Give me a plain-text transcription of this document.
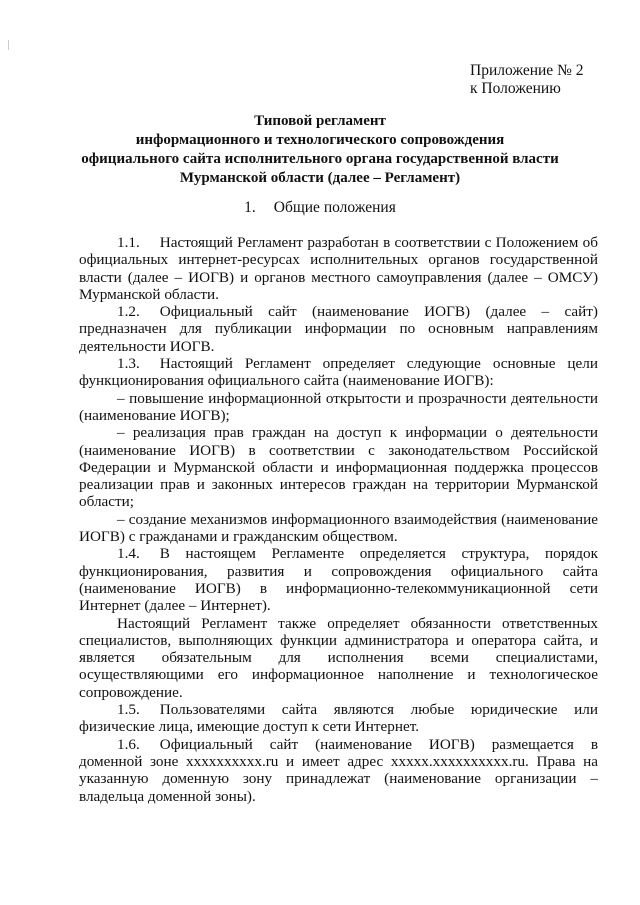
Приложение № 2
к Положению
Типовой регламент
информационного и технологического сопровождения
официального сайта исполнительного органа государственной власти
Мурманской области (далее – Регламент)
1. Общие положения

1.1. Настоящий Регламент разработан в соответствии с Положением об официальных интернет-ресурсах исполнительных органов государственной власти (далее – ИОГВ) и органов местного самоуправления (далее – ОМСУ) Мурманской области.

1.2. Официальный сайт (наименование ИОГВ) (далее – сайт) предназначен для публикации информации по основным направлениям деятельности ИОГВ.

1.3. Настоящий Регламент определяет следующие основные цели функционирования официального сайта (наименование ИОГВ):

– повышение информационной открытости и прозрачности деятельности (наименование ИОГВ);

– реализация прав граждан на доступ к информации о деятельности (наименование ИОГВ) в соответствии с законодательством Российской Федерации и Мурманской области и информационная поддержка процессов реализации прав и законных интересов граждан на территории Мурманской области;

– создание механизмов информационного взаимодействия (наименование ИОГВ) с гражданами и гражданским обществом.

1.4. В настоящем Регламенте определяется структура, порядок функционирования, развития и сопровождения официального сайта (наименование ИОГВ) в информационно-телекоммуникационной сети Интернет (далее – Интернет).

Настоящий Регламент также определяет обязанности ответственных специалистов, выполняющих функции администратора и оператора сайта, и является обязательным для исполнения всеми специалистами, осуществляющими его информационное наполнение и технологическое сопровождение.

1.5. Пользователями сайта являются любые юридические или физические лица, имеющие доступ к сети Интернет.

1.6. Официальный сайт (наименование ИОГВ) размещается в доменной зоне xxxxxxxxxx.ru и имеет адрес xxxxx.xxxxxxxxxx.ru. Права на указанную доменную зону принадлежат (наименование организации – владельца доменной зоны).
